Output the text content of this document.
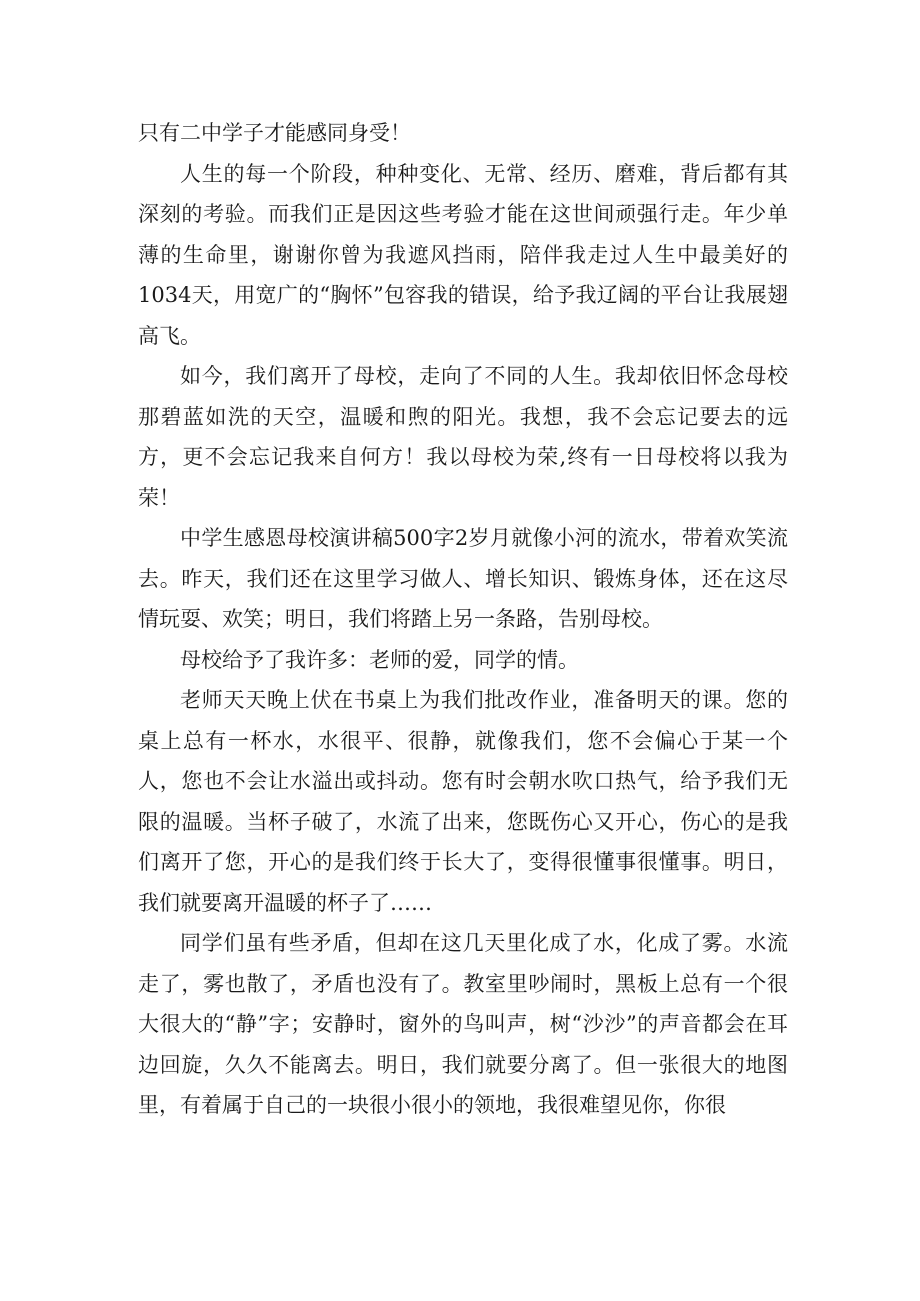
只有二中学子才能感同身受！

人生的每一个阶段，种种变化、无常、经历、磨难，背后都有其深刻的考验。而我们正是因这些考验才能在这世间顽强行走。年少单薄的生命里，谢谢你曾为我遮风挡雨，陪伴我走过人生中最美好的1034天，用宽广的“胸怀”包容我的错误，给予我辽阔的平台让我展翅高飞。

如今，我们离开了母校，走向了不同的人生。我却依旧怀念母校那碧蓝如洗的天空，温暖和煦的阳光。我想，我不会忘记要去的远方，更不会忘记我来自何方！我以母校为荣,终有一日母校将以我为荣！

中学生感恩母校演讲稿500字2岁月就像小河的流水，带着欢笑流去。昨天，我们还在这里学习做人、增长知识、锻炼身体，还在这尽情玩耍、欢笑；明日，我们将踏上另一条路，告别母校。

母校给予了我许多：老师的爱，同学的情。

老师天天晚上伏在书桌上为我们批改作业，准备明天的课。您的桌上总有一杯水，水很平、很静，就像我们，您不会偏心于某一个人，您也不会让水溢出或抖动。您有时会朝水吹口热气，给予我们无限的温暖。当杯子破了，水流了出来，您既伤心又开心，伤心的是我们离开了您，开心的是我们终于长大了，变得很懂事很懂事。明日，我们就要离开温暖的杯子了……

同学们虽有些矛盾，但却在这几天里化成了水，化成了雾。水流走了，雾也散了，矛盾也没有了。教室里吵闹时，黑板上总有一个很大很大的“静”字；安静时，窗外的鸟叫声，树“沙沙”的声音都会在耳边回旋，久久不能离去。明日，我们就要分离了。但一张很大的地图里，有着属于自己的一块很小很小的领地，我很难望见你，你很
